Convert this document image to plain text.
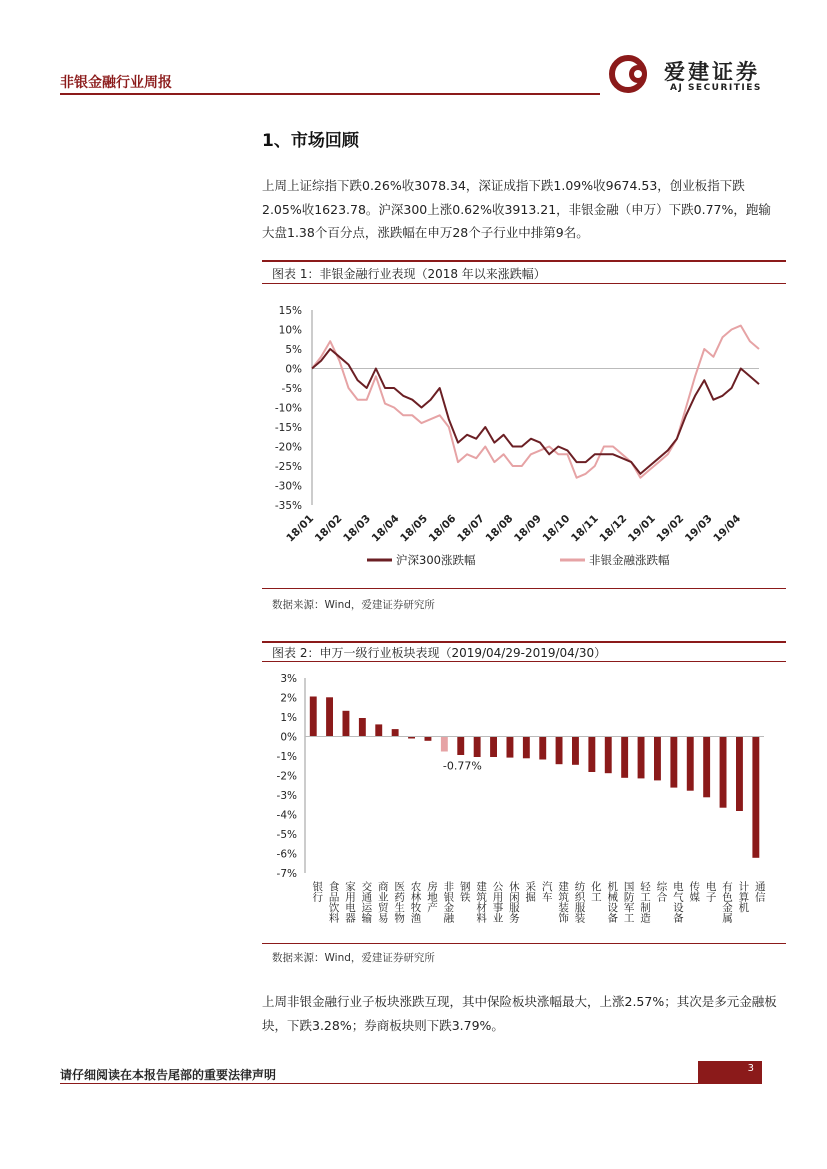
非银金融行业周报	爱建证券
AJ SECURITIES
1、市场回顾
上周上证综指下跌0.26%收3078.34，深证成指下跌1.09%收9674.53，创业板指下跌2.05%收1623.78。沪深300上涨0.62%收3913.21，非银金融（申万）下跌0.77%，跑输大盘1.38个百分点，涨跌幅在申万28个子行业中排第9名。
图表 1：非银金融行业表现（2018 年以来涨跌幅）
15%
10%
5%
0%
-5%
-10%
-15%
-20%
-25%
-30%
-35%
18/01
18/02
18/03
18/04
18/05
18/06
18/07
18/08
18/09
18/10
18/11
18/12
19/01
19/02
19/03
19/04
沪深300涨跌幅	非银金融涨跌幅
数据来源：Wind，爱建证券研究所
图表 2：申万一级行业板块表现（2019/04/29-2019/04/30）
3%
2%
1%
0%
-1%
-2%
-3%
-4%
-5%
-6%
-7%
银行 食品饮料 家用电器 交通运输 商业贸易 医药生物 农林牧渔 房地产 非银金融 钢铁 建筑材料 公用事业 休闲服务 采掘 汽车 建筑装饰 纺织服装 化工 机械设备 国防军工 轻工制造 综合 电气设备 传媒 电子 有色金属 计算机 通信
-0.77%
数据来源：Wind，爱建证券研究所
上周非银金融行业子板块涨跌互现，其中保险板块涨幅最大，上涨2.57%；其次是多元金融板块，下跌3.28%；券商板块则下跌3.79%。
请仔细阅读在本报告尾部的重要法律声明	3
